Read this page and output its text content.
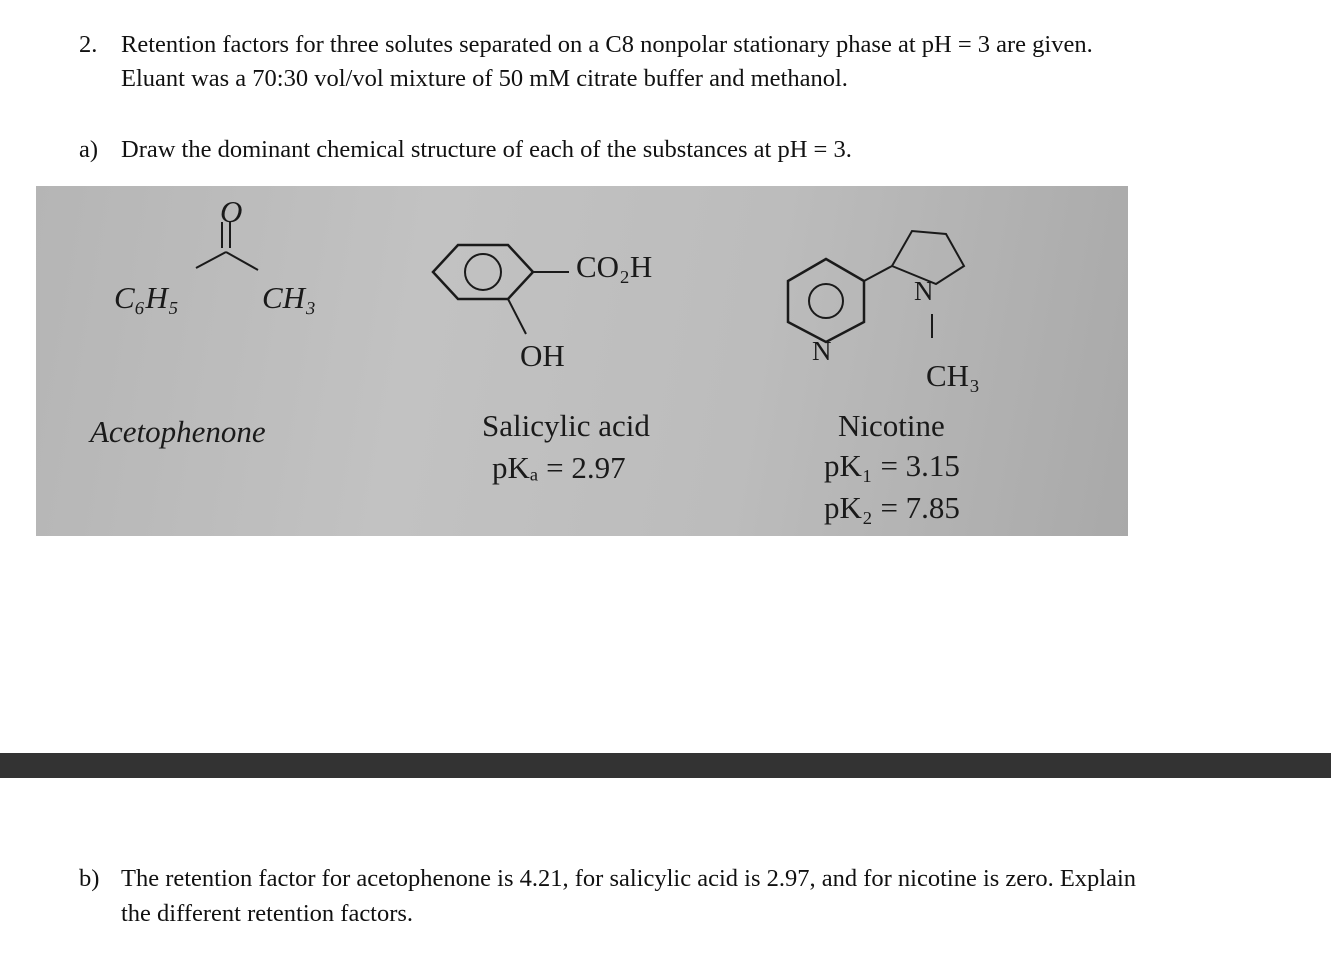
2. Retention factors for three solutes separated on a C8 nonpolar stationary phase at pH = 3 are given.
Eluant was a 70:30 vol/vol mixture of 50 mM citrate buffer and methanol.
a) Draw the dominant chemical structure of each of the substances at pH = 3.
O
C₆H₅	CH₃
Acetophenone
CO₂H
OH
Salicylic acid
pKₐ = 2.97
N
N
CH₃
Nicotine
pK₁ = 3.15
pK₂ = 7.85
b) The retention factor for acetophenone is 4.21, for salicylic acid is 2.97, and for nicotine is zero. Explain
the different retention factors.
